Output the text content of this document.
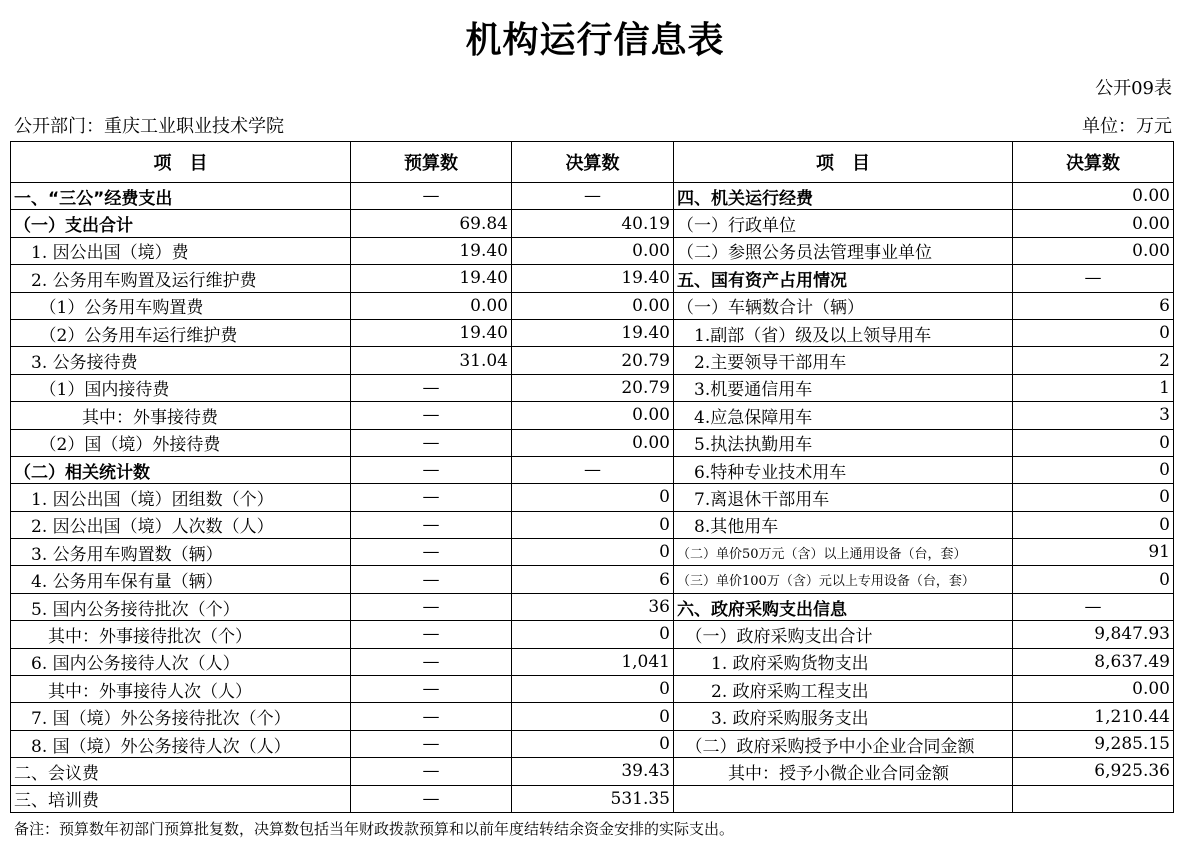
机构运行信息表
公开09表
公开部门：重庆工业职业技术学院	单位：万元
项　目	预算数	决算数	项　目	决算数
一、“三公”经费支出	—	—	四、机关运行经费	0.00
（一）支出合计	69.84	40.19	（一）行政单位	0.00
　1. 因公出国（境）费	19.40	0.00	（二）参照公务员法管理事业单位	0.00
　2. 公务用车购置及运行维护费	19.40	19.40	五、国有资产占用情况	—
　　（1）公务用车购置费	0.00	0.00	（一）车辆数合计（辆）	6
　　（2）公务用车运行维护费	19.40	19.40	　1.副部（省）级及以上领导用车	0
　3. 公务接待费	31.04	20.79	　2.主要领导干部用车	2
　　（1）国内接待费	—	20.79	　3.机要通信用车	1
　　　　其中：外事接待费	—	0.00	　4.应急保障用车	3
　　（2）国（境）外接待费	—	0.00	　5.执法执勤用车	0
（二）相关统计数	—	—	　6.特种专业技术用车	0
　1. 因公出国（境）团组数（个）	—	0	　7.离退休干部用车	0
　2. 因公出国（境）人次数（人）	—	0	　8.其他用车	0
　3. 公务用车购置数（辆）	—	0	（二）单价50万元（含）以上通用设备（台，套）	91
　4. 公务用车保有量（辆）	—	6	（三）单价100万（含）元以上专用设备（台，套）	0
　5. 国内公务接待批次（个）	—	36	六、政府采购支出信息	—
　　其中：外事接待批次（个）	—	0	　（一）政府采购支出合计	9,847.93
　6. 国内公务接待人次（人）	—	1,041	　　1. 政府采购货物支出	8,637.49
　　其中：外事接待人次（人）	—	0	　　2. 政府采购工程支出	0.00
　7. 国（境）外公务接待批次（个）	—	0	　　3. 政府采购服务支出	1,210.44
　8. 国（境）外公务接待人次（人）	—	0	　（二）政府采购授予中小企业合同金额	9,285.15
二、会议费	—	39.43	　　　其中：授予小微企业合同金额	6,925.36
三、培训费	—	531.35		
备注：预算数年初部门预算批复数，决算数包括当年财政拨款预算和以前年度结转结余资金安排的实际支出。
